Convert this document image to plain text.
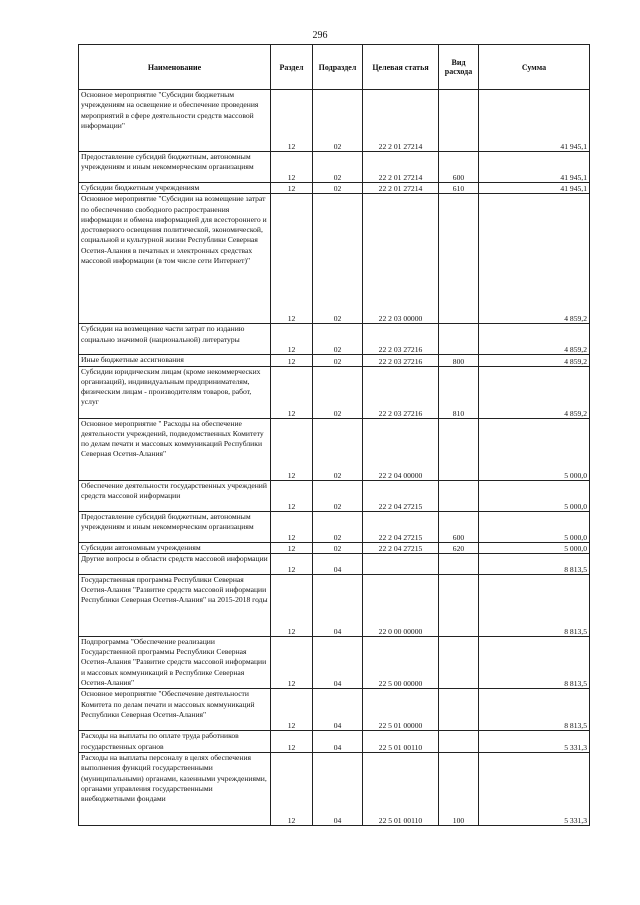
296
Наименование	Раздел	Подраздел	Целевая статья	Вид расхода	Сумма
Основное мероприятие "Субсидии бюджетным учреждениям на освещение и обеспечение проведения мероприятий в сфере деятельности средств массовой информации"	12	02	22 2 01 27214		41 945,1
Предоставление субсидий бюджетным, автономным учреждениям и иным некоммерческим организациям	12	02	22 2 01 27214	600	41 945,1
Субсидии бюджетным учреждениям	12	02	22 2 01 27214	610	41 945,1
Основное мероприятие "Субсидии на возмещение затрат по обеспечению свободного распространения информации и обмена информацией для всестороннего и достоверного освещения политической, экономической, социальной и культурной жизни Республики Северная Осетия-Алания в печатных и электронных средствах массовой информации (в том числе сети Интернет)"	12	02	22 2 03 00000		4 859,2
Субсидии на возмещение части затрат по изданию социально значимой (национальной) литературы	12	02	22 2 03 27216		4 859,2
Иные бюджетные ассигнования	12	02	22 2 03 27216	800	4 859,2
Субсидии юридическим лицам (кроме некоммерческих организаций), индивидуальным предпринимателям, физическим лицам - производителям товаров, работ, услуг	12	02	22 2 03 27216	810	4 859,2
Основное мероприятие " Расходы на обеспечение деятельности учреждений, подведомственных Комитету по делам печати и массовых коммуникаций Республики Северная Осетия-Алания"	12	02	22 2 04 00000		5 000,0
Обеспечение деятельности государственных учреждений средств массовой информации	12	02	22 2 04 27215		5 000,0
Предоставление субсидий бюджетным, автономным учреждениям и иным некоммерческим организациям	12	02	22 2 04 27215	600	5 000,0
Субсидии автономным учреждениям	12	02	22 2 04 27215	620	5 000,0
Другие вопросы в области средств массовой информации	12	04			8 813,5
Государственная программа Республики Северная Осетия-Алания "Развитие средств массовой информации Республики Северная Осетия-Алания" на 2015-2018 годы	12	04	22 0 00 00000		8 813,5
Подпрограмма "Обеспечение реализации Государственной программы Республики Северная Осетия-Алания "Развитие средств массовой информации и массовых коммуникаций в Республике Северная Осетия-Алания"	12	04	22 5 00 00000		8 813,5
Основное мероприятие "Обеспечение деятельности Комитета по делам печати и массовых коммуникаций Республики Северная Осетия-Алания"	12	04	22 5 01 00000		8 813,5
Расходы на выплаты по оплате труда работников государственных органов	12	04	22 5 01 00110		5 331,3
Расходы на выплаты персоналу в целях обеспечения выполнения функций государственными (муниципальными) органами, казенными учреждениями, органами управления государственными внебюджетными фондами	12	04	22 5 01 00110	100	5 331,3
